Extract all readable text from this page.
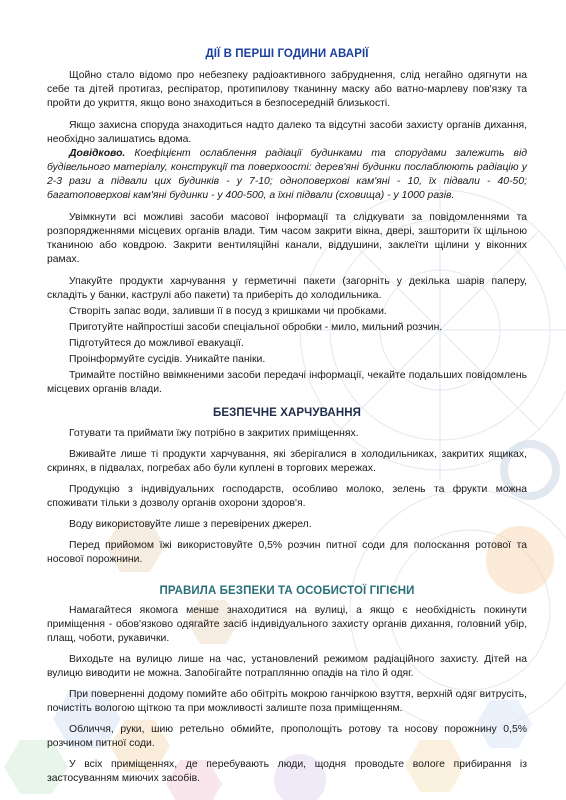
ДІЇ В ПЕРШІ ГОДИНИ АВАРІЇ

Щойно стало відомо про небезпеку радіоактивного забруднення, слід негайно одягнути на себе та дітей протигаз, респіратор, протипилову тканинну маску або ватно-марлеву пов'язку та пройти до укриття, якщо воно знаходиться в безпосередній близькості.

Якщо захисна споруда знаходиться надто далеко та відсутні засоби захисту органів дихання, необхідно залишатись вдома.

Довідково. Коефіцієнт ослаблення радіації будинками та спорудами залежить від будівельного матеріалу, конструкції та поверхоості: дерев'яні будинки послаблюють радіацію у 2-3 рази а підвали цих будинків - у 7-10; одноповерхові кам'яні - 10, їх підвали - 40-50; багатоповерхові кам'яні будинки - у 400-500, а їхні підвали (сховища) - у 1000 разів.

Увімкнути всі можливі засоби масової інформації та слідкувати за повідомленнями та розпорядженнями місцевих органів влади. Тим часом закрити вікна, двері, зашторити їх щільною тканиною або ковдрою. Закрити вентиляційні канали, віддушини, заклеїти щілини у віконних рамах.

Упакуйте продукти харчування у герметичні пакети (загорніть у декілька шарів паперу, складіть у банки, каструлі або пакети) та приберіть до холодильника.

Створіть запас води, заливши її в посуд з кришками чи пробками.

Приготуйте найпростіші засоби спеціальної обробки - мило, мильний розчин.

Підготуйтеся до можливої евакуації.

Проінформуйте сусідів. Уникайте паніки.

Тримайте постійно ввімкненими засоби передачі інформації, чекайте подальших повідомлень місцевих органів влади.

БЕЗПЕЧНЕ ХАРЧУВАННЯ

Готувати та приймати їжу потрібно в закритих приміщеннях.

Вживайте лише ті продукти харчування, які зберігалися в холодильниках, закритих ящиках, скринях, в підвалах, погребах або були куплені в торгових мережах.

Продукцію з індивідуальних господарств, особливо молоко, зелень та фрукти можна споживати тільки з дозволу органів охорони здоров'я.

Воду використовуйте лише з перевірених джерел.

Перед прийомом їжі використовуйте 0,5% розчин питної соди для полоскання ротової та носової порожнини.

ПРАВИЛА БЕЗПЕКИ ТА ОСОБИСТОЇ ГІГІЄНИ

Намагайтеся якомога менше знаходитися на вулиці, а якщо є необхідність покинути приміщення - обов'язково одягайте засіб індивідуального захисту органів дихання, головний убір, плащ, чоботи, рукавички.

Виходьте на вулицю лише на час, установлений режимом радіаційного захисту. Дітей на вулицю виводити не можна. Запобігайте потраплянню опадів на тіло й одяг.

При поверненні додому помийте або обітріть мокрою ганчіркою взуття, верхній одяг витрусіть, почистіть вологою щіткою та при можливості залиште поза приміщенням.

Обличчя, руки, шию ретельно обмийте, прополощіть ротову та носову порожнину 0,5% розчином питної соди.

У всіх приміщеннях, де перебувають люди, щодня проводьте вологе прибирання із застосуванням миючих засобів.
